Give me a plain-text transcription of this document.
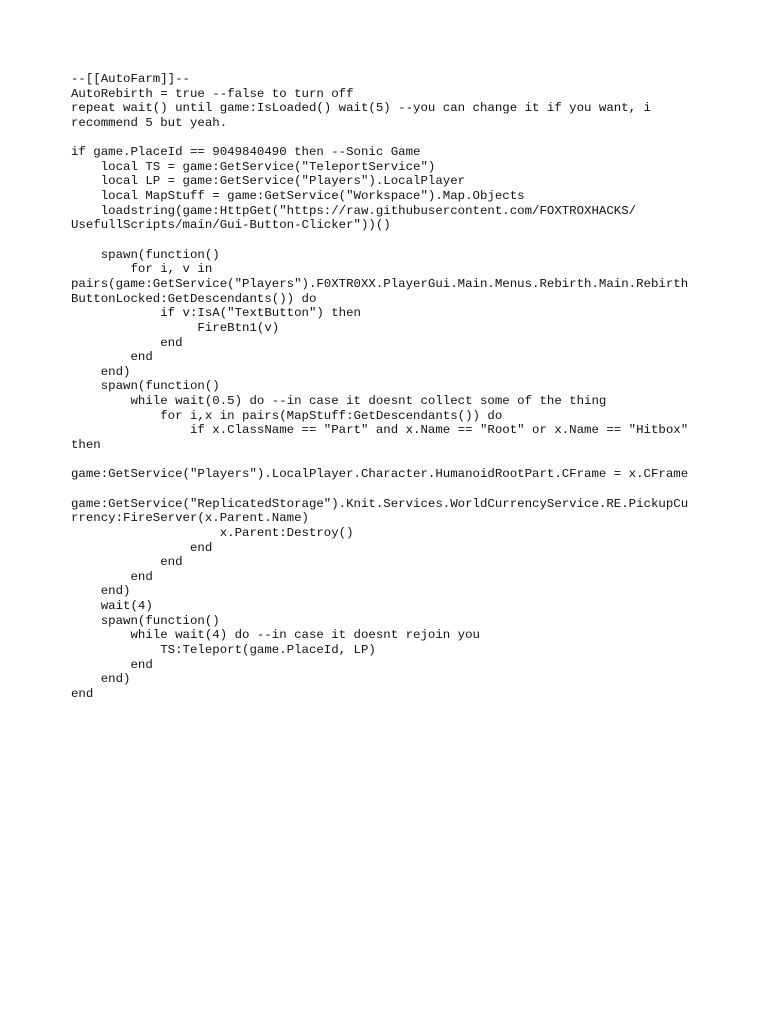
--[[AutoFarm]]--
AutoRebirth = true --false to turn off
repeat wait() until game:IsLoaded() wait(5) --you can change it if you want, i
recommend 5 but yeah.
if game.PlaceId == 9049840490 then --Sonic Game
local TS = game:GetService("TeleportService")
local LP = game:GetService("Players").LocalPlayer
local MapStuff = game:GetService("Workspace").Map.Objects
loadstring(game:HttpGet("https://raw.githubusercontent.com/FOXTROXHACKS/
UsefullScripts/main/Gui-Button-Clicker"))()
spawn(function()
for i, v in
pairs(game:GetService("Players").F0XTR0XX.PlayerGui.Main.Menus.Rebirth.Main.Rebirth
ButtonLocked:GetDescendants()) do
if v:IsA("TextButton") then
FireBtn1(v)
end
end
end)
spawn(function()
while wait(0.5) do --in case it doesnt collect some of the thing
for i,x in pairs(MapStuff:GetDescendants()) do
if x.ClassName == "Part" and x.Name == "Root" or x.Name == "Hitbox"
then
game:GetService("Players").LocalPlayer.Character.HumanoidRootPart.CFrame = x.CFrame
game:GetService("ReplicatedStorage").Knit.Services.WorldCurrencyService.RE.PickupCu
rrency:FireServer(x.Parent.Name)
x.Parent:Destroy()
end
end
end
end)
wait(4)
spawn(function()
while wait(4) do --in case it doesnt rejoin you
TS:Teleport(game.PlaceId, LP)
end
end)
end
